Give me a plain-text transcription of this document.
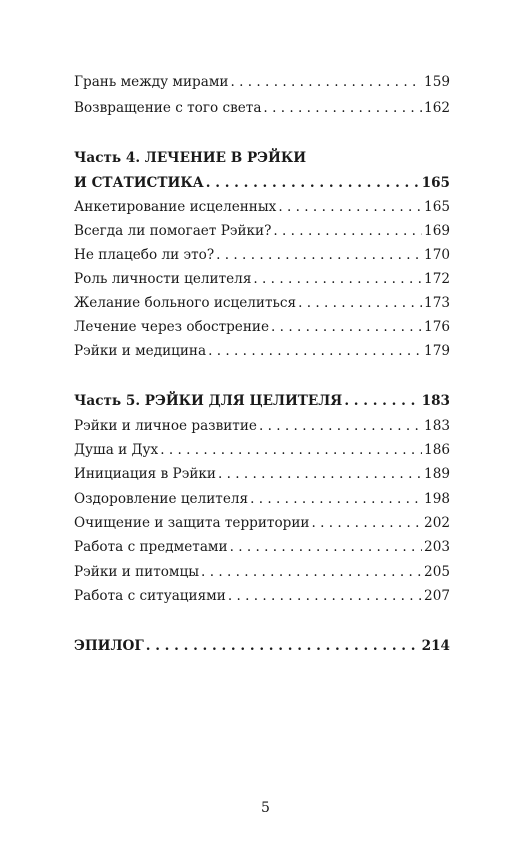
Грань между мирами . . .	159
Возвращение с того света . . .	162
Часть 4. ЛЕЧЕНИЕ В РЭЙКИ
И СТАТИСТИКА . . .	165
Анкетирование исцеленных . . .	165
Всегда ли помогает Рэйки? . . .	169
Не плацебо ли это? . . .	170
Роль личности целителя . . .	172
Желание больного исцелиться . . .	173
Лечение через обострение . . .	176
Рэйки и медицина . . .	179
Часть 5. РЭЙКИ ДЛЯ ЦЕЛИТЕЛЯ . . .	183
Рэйки и личное развитие . . .	183
Душа и Дух . . .	186
Инициация в Рэйки . . .	189
Оздоровление целителя . . .	198
Очищение и защита территории . . .	202
Работа с предметами . . .	203
Рэйки и питомцы . . .	205
Работа с ситуациями . . .	207
ЭПИЛОГ . . .	214
5
